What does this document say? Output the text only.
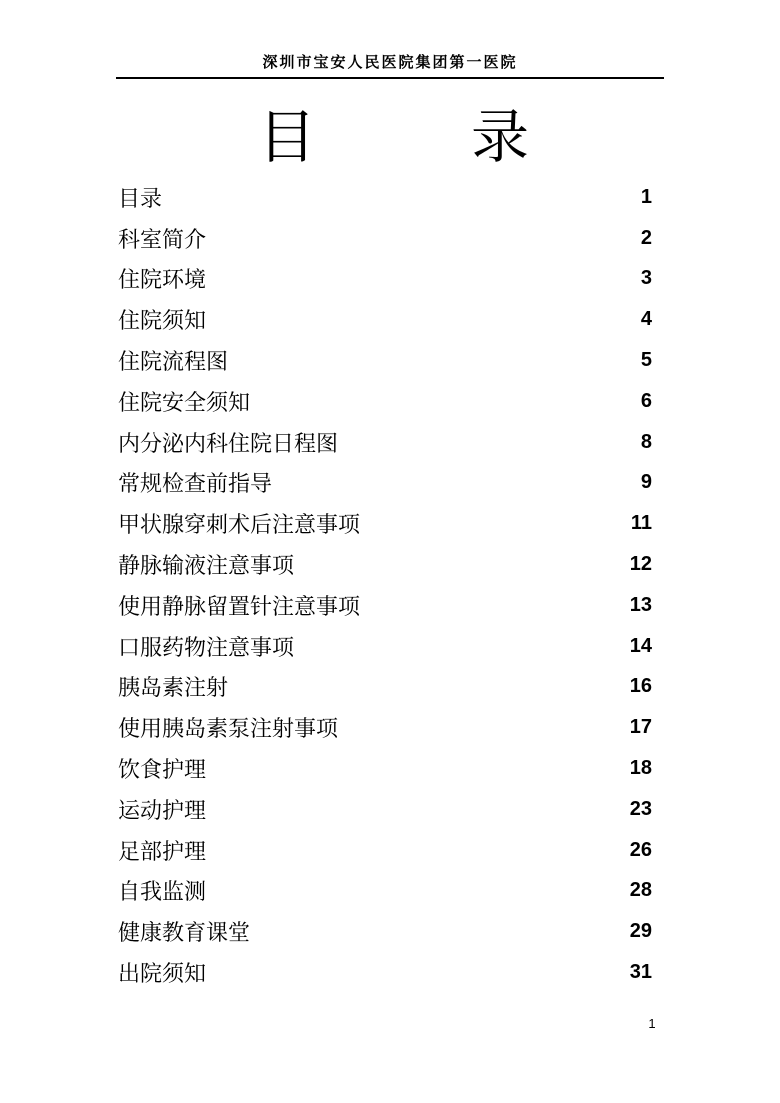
深圳市宝安人民医院集团第一医院
目	录
目录	1
科室简介	2
住院环境	3
住院须知	4
住院流程图	5
住院安全须知	6
内分泌内科住院日程图	8
常规检查前指导	9
甲状腺穿刺术后注意事项	11
静脉输液注意事项	12
使用静脉留置针注意事项	13
口服药物注意事项	14
胰岛素注射	16
使用胰岛素泵注射事项	17
饮食护理	18
运动护理	23
足部护理	26
自我监测	28
健康教育课堂	29
出院须知	31
1
